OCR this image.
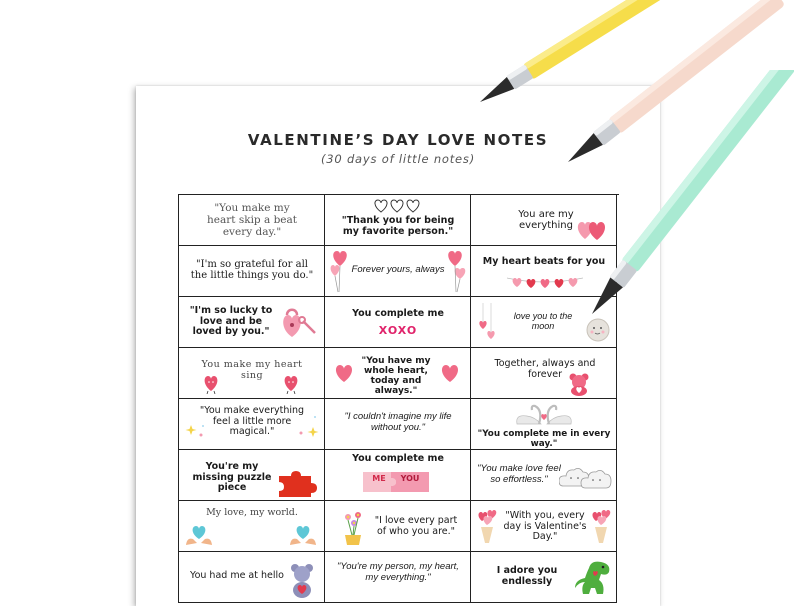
VALENTINE’S DAY LOVE NOTES
(30 days of little notes)
"You make my heart skip a beat every day."
"Thank you for being my favorite person."
You are my everything
"I'm so grateful for all the little things you do."
Forever yours, always
My heart beats for you
"I'm so lucky to love and be loved by you."
You complete me
XOXO
love you to the moon
You make my heart sing
"You have my whole heart, today and always."
Together, always and forever
"You make everything feel a little more magical."
"I couldn't imagine my life without you."
"You complete me in every way."
You're my missing puzzle piece
You complete me
ME	YOU
"You make love feel so effortless."
My love, my world.
"I love every part of who you are."
"With you, every day is Valentine's Day."
You had me at hello
"You're my person, my heart, my everything."
I adore you endlessly
